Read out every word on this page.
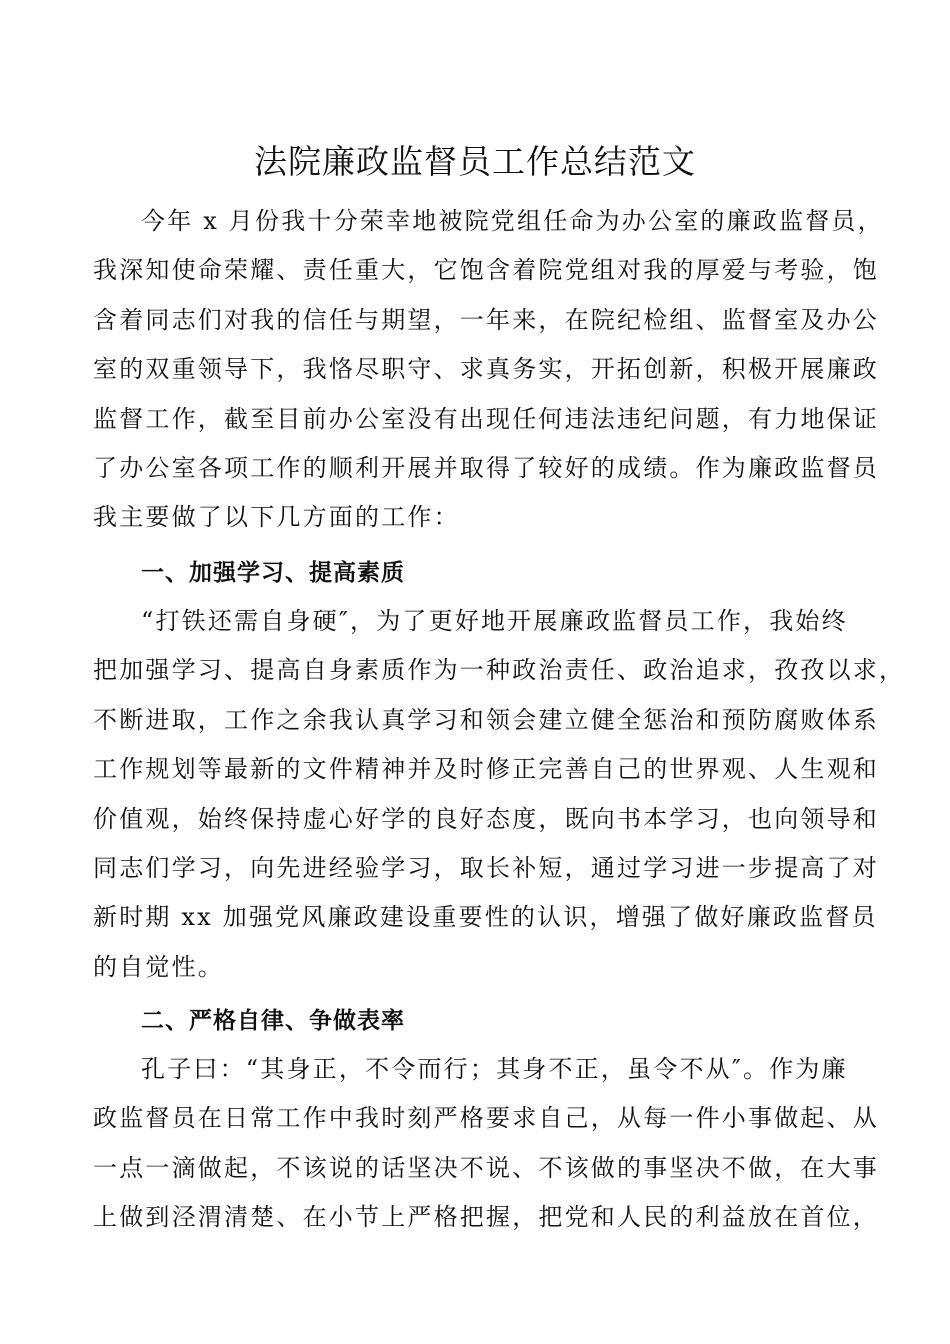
法院廉政监督员工作总结范文

今年 x 月份我十分荣幸地被院党组任命为办公室的廉政监督员，
我深知使命荣耀、责任重大，它饱含着院党组对我的厚爱与考验，饱
含着同志们对我的信任与期望，一年来，在院纪检组、监督室及办公
室的双重领导下，我恪尽职守、求真务实，开拓创新，积极开展廉政
监督工作，截至目前办公室没有出现任何违法违纪问题，有力地保证
了办公室各项工作的顺利开展并取得了较好的成绩。作为廉政监督员
我主要做了以下几方面的工作：

一、加强学习、提高素质

“打铁还需自身硬″，为了更好地开展廉政监督员工作，我始终
把加强学习、提高自身素质作为一种政治责任、政治追求，孜孜以求，
不断进取，工作之余我认真学习和领会建立健全惩治和预防腐败体系
工作规划等最新的文件精神并及时修正完善自己的世界观、人生观和
价值观，始终保持虚心好学的良好态度，既向书本学习，也向领导和
同志们学习，向先进经验学习，取长补短，通过学习进一步提高了对
新时期 xx 加强党风廉政建设重要性的认识，增强了做好廉政监督员
的自觉性。

二、严格自律、争做表率

孔子曰：“其身正，不令而行；其身不正，虽令不从″。作为廉
政监督员在日常工作中我时刻严格要求自己，从每一件小事做起、从
一点一滴做起，不该说的话坚决不说、不该做的事坚决不做，在大事
上做到泾渭清楚、在小节上严格把握，把党和人民的利益放在首位，
